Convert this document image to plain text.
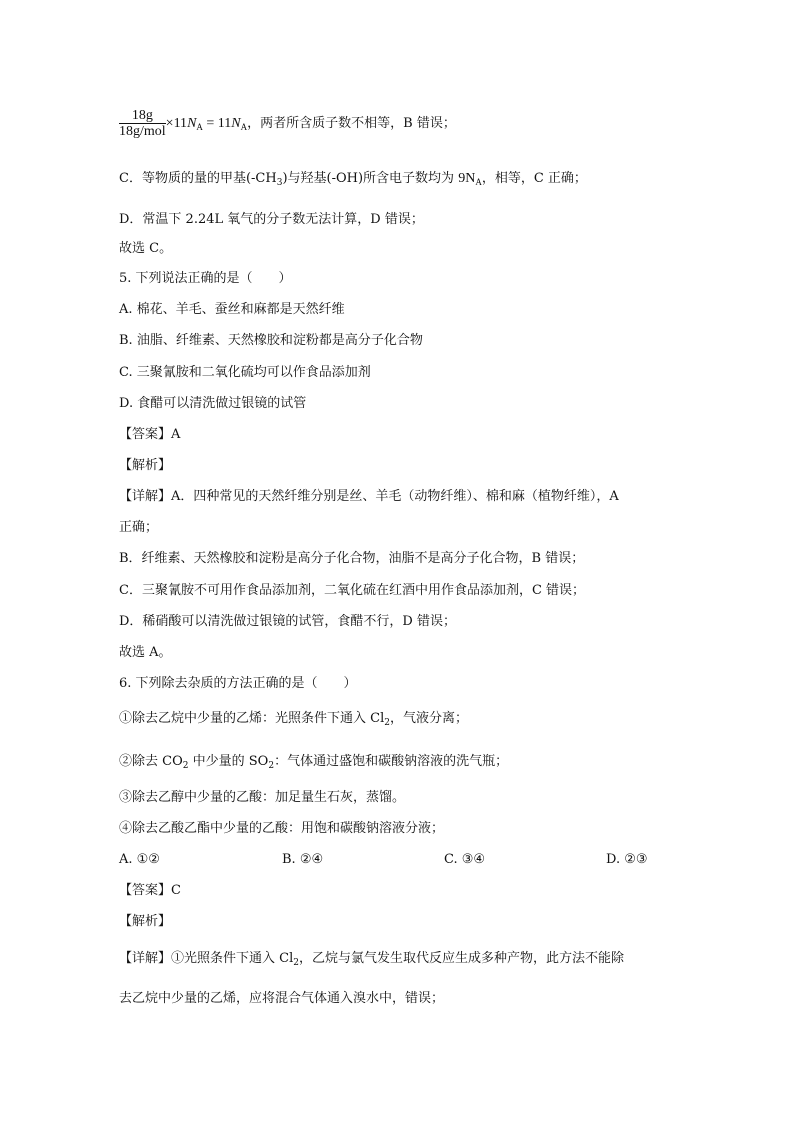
$\frac{18g}{\text{18g/mol}} \times 11N_A = 11N_A$，两者所含质子数不相等，B 错误；
C．等物质的量的甲基$(-CH_3)$与羟基(-OH)所含电子数均为 $9N_A$，相等，C 正确；
D．常温下 2.24L 氧气的分子数无法计算，D 错误；
故选 C。
5. 下列说法正确的是（　　）
A. 棉花、羊毛、蚕丝和麻都是天然纤维
B. 油脂、纤维素、天然橡胶和淀粉都是高分子化合物
C. 三聚氰胺和二氧化硫均可以作食品添加剂
D. 食醋可以清洗做过银镜的试管
【答案】A
【解析】
【详解】A．四种常见的天然纤维分别是丝、羊毛（动物纤维）、棉和麻（植物纤维），A
正确；
B．纤维素、天然橡胶和淀粉是高分子化合物，油脂不是高分子化合物，B 错误；
C．三聚氰胺不可用作食品添加剂，二氧化硫在红酒中用作食品添加剂，C 错误；
D．稀硝酸可以清洗做过银镜的试管，食醋不行，D 错误；
故选 A。
6. 下列除去杂质的方法正确的是（　　）
①除去乙烷中少量的乙烯：光照条件下通入 $Cl_2$，气液分离；
②除去 $CO_2$ 中少量的 $SO_2$：气体通过盛饱和碳酸钠溶液的洗气瓶；
③除去乙醇中少量的乙酸：加足量生石灰，蒸馏。
④除去乙酸乙酯中少量的乙酸：用饱和碳酸钠溶液分液；
A. ①②	B. ②④	C. ③④	D. ②③
【答案】C
【解析】
【详解】①光照条件下通入 $Cl_2$，乙烷与氯气发生取代反应生成多种产物，此方法不能除
去乙烷中少量的乙烯，应将混合气体通入溴水中，错误；
